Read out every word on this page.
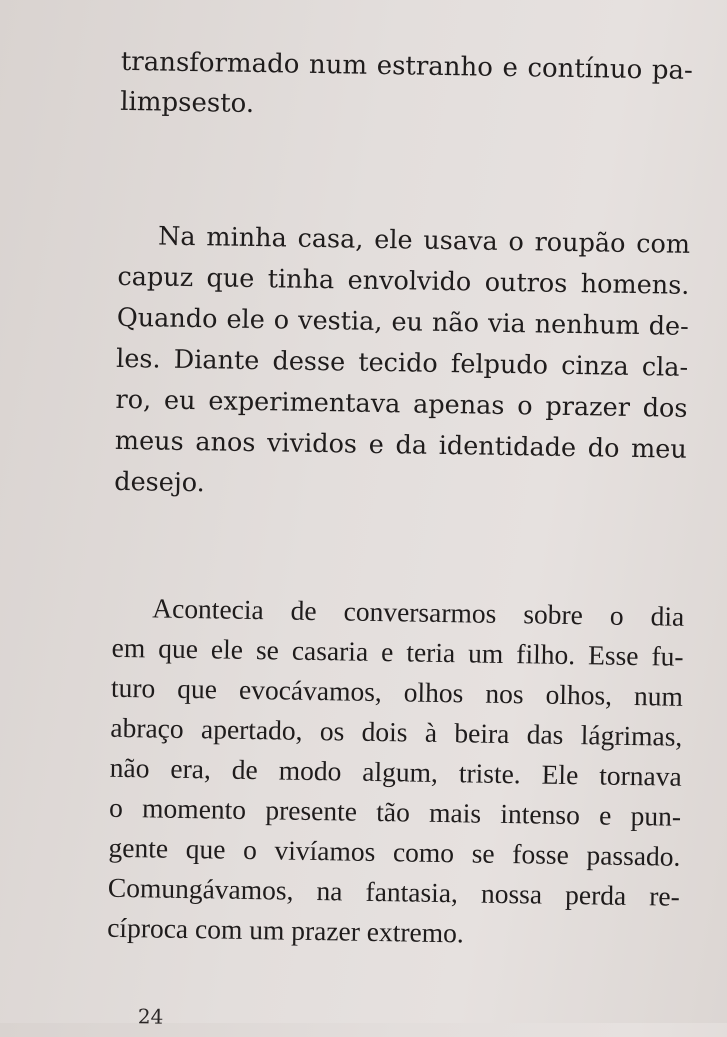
transformado num estranho e contínuo pa-
limpsesto.

Na minha casa, ele usava o roupão com
capuz que tinha envolvido outros homens.
Quando ele o vestia, eu não via nenhum de-
les. Diante desse tecido felpudo cinza cla-
ro, eu experimentava apenas o prazer dos
meus anos vividos e da identidade do meu
desejo.

Acontecia de conversarmos sobre o dia
em que ele se casaria e teria um filho. Esse fu-
turo que evocávamos, olhos nos olhos, num
abraço apertado, os dois à beira das lágrimas,
não era, de modo algum, triste. Ele tornava
o momento presente tão mais intenso e pun-
gente que o vivíamos como se fosse passado.
Comungávamos, na fantasia, nossa perda re-
cíproca com um prazer extremo.

24
